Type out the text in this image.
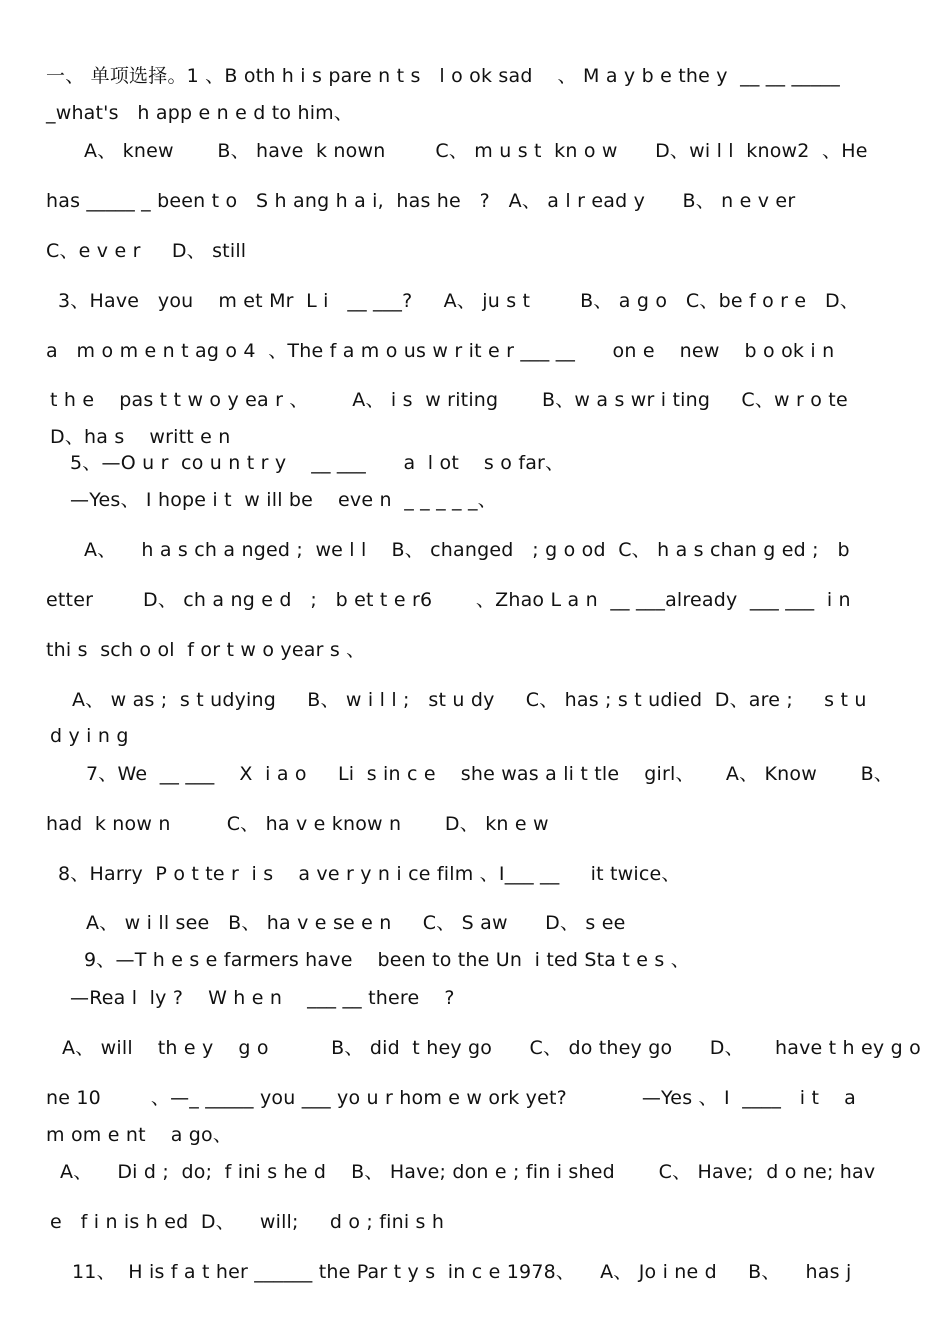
一、 单项选择。1 ﻿、B oth h i s pare n t s   l o ok sad    、 M a y b e the y  __ __ _____
_what's   h app e n e d to him、
A、 knew       B、 have  k nown        C、 m u s t  kn o w      D、wi l l  know2  ﻿、He
has _____ _ been t o   S h ang h a i,  has he   ?﻿   A、 a l r ead y      B、 n e v er
C、e v e r     D、 still
3、Have   you    m et Mr  L i   __ ___? ﻿    A、 ju s t        B、 a g o   C、be f o r e   D、
a   m o m e n t ag o 4  ﻿、The f a m o us w r it e r ___ __      on e    new    b o ok i n
t h e    pas t t w o y ea r 、﻿       A、 i s  w riting       B、w a s wr i ting     C、w r o te
D、ha s    writt e n
5、—O u r  co u n t r y    __ ___      a  l ot    s o far、
—Yes、 I hope i t  w ill be    eve n  _ _ _ _ _、
A、    h a s ch a nged ;  we l l    B、 changed   ; g o od  C、 h a s chan g ed ;   b
etter        D、 ch a ng e d   ;   b et t e r6       ﻿、Zhao L a n  __ ___already  ___ ___  i n
thi s  sch o ol  f or t w o year s 、
A、 w as ;  s t udying     B、 w i l l ;   st u dy     C、 has ; s t udied  D、are ;     s t u
d y i n g
7、We  __ ___    X  i a o     Li  s in c e    she was a li t tle    girl、﻿     A、 Know       B、
had  k now n         C、 ha v e know n       D、 kn e w
8、Harry  P o t te r  i s    a ve r y n i ce film 、I___ __     it twice、
A、 w i ll see   B、 ha v e se e n     C、 S aw      D、 s ee
9、—T h e s e farmers have    been to the Un  i ted Sta t e s 、
—Rea l  ly ?    W h e n    ___ __ there    ?
A、 will    th e y    g o          B、 did  t hey go      C、 do they go      D、     have t h ey g o
ne 10        ﻿、—_ _____ you ___ yo u r hom e w ork yet? ﻿           —Yes 、 I  ____   i t    a
m om e nt    a go、
A、    Di d ;  do;  f ini s he d    B、 Have; don e ; fin i shed       C、 Have;  d o ne; hav
e   f i n is h ed  D、    will;     d o ; fini s h
11、  H is f a t her ______ the Par t y s  in c e 1978、﻿    A、 Jo i ne d     B、    has j
